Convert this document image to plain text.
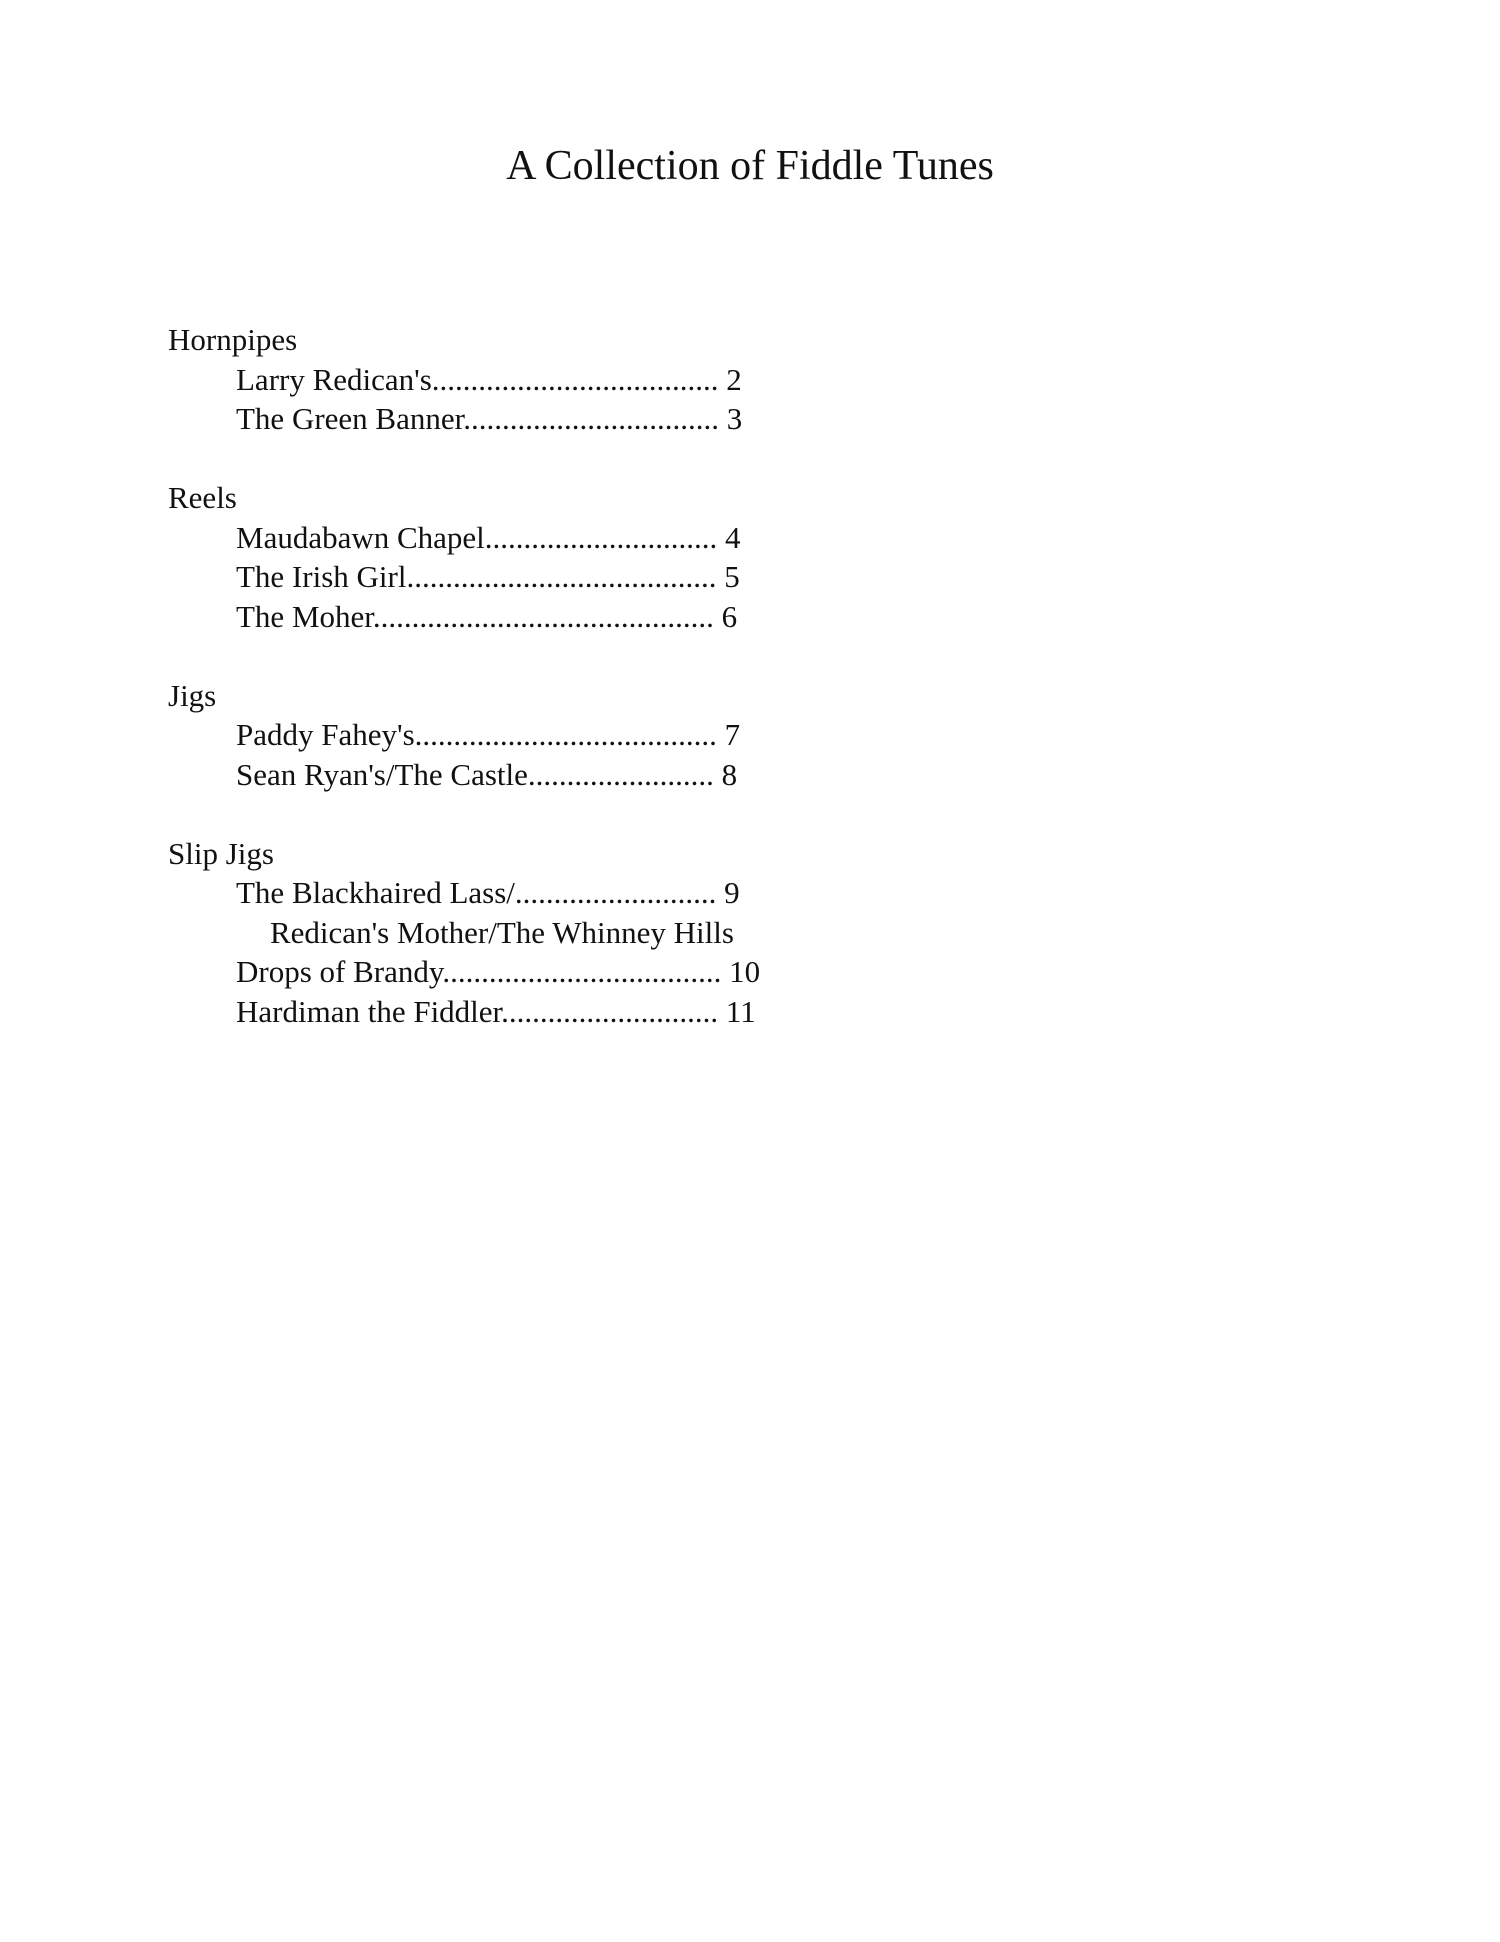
A Collection of Fiddle Tunes
Hornpipes
Larry Redican's..................................... 2
The Green Banner................................. 3
Reels
Maudabawn Chapel.............................. 4
The Irish Girl........................................ 5
The Moher............................................ 6
Jigs
Paddy Fahey's....................................... 7
Sean Ryan's/The Castle........................ 8
Slip Jigs
The Blackhaired Lass/.......................... 9
Redican's Mother/The Whinney Hills
Drops of Brandy.................................... 10
Hardiman the Fiddler............................ 11
